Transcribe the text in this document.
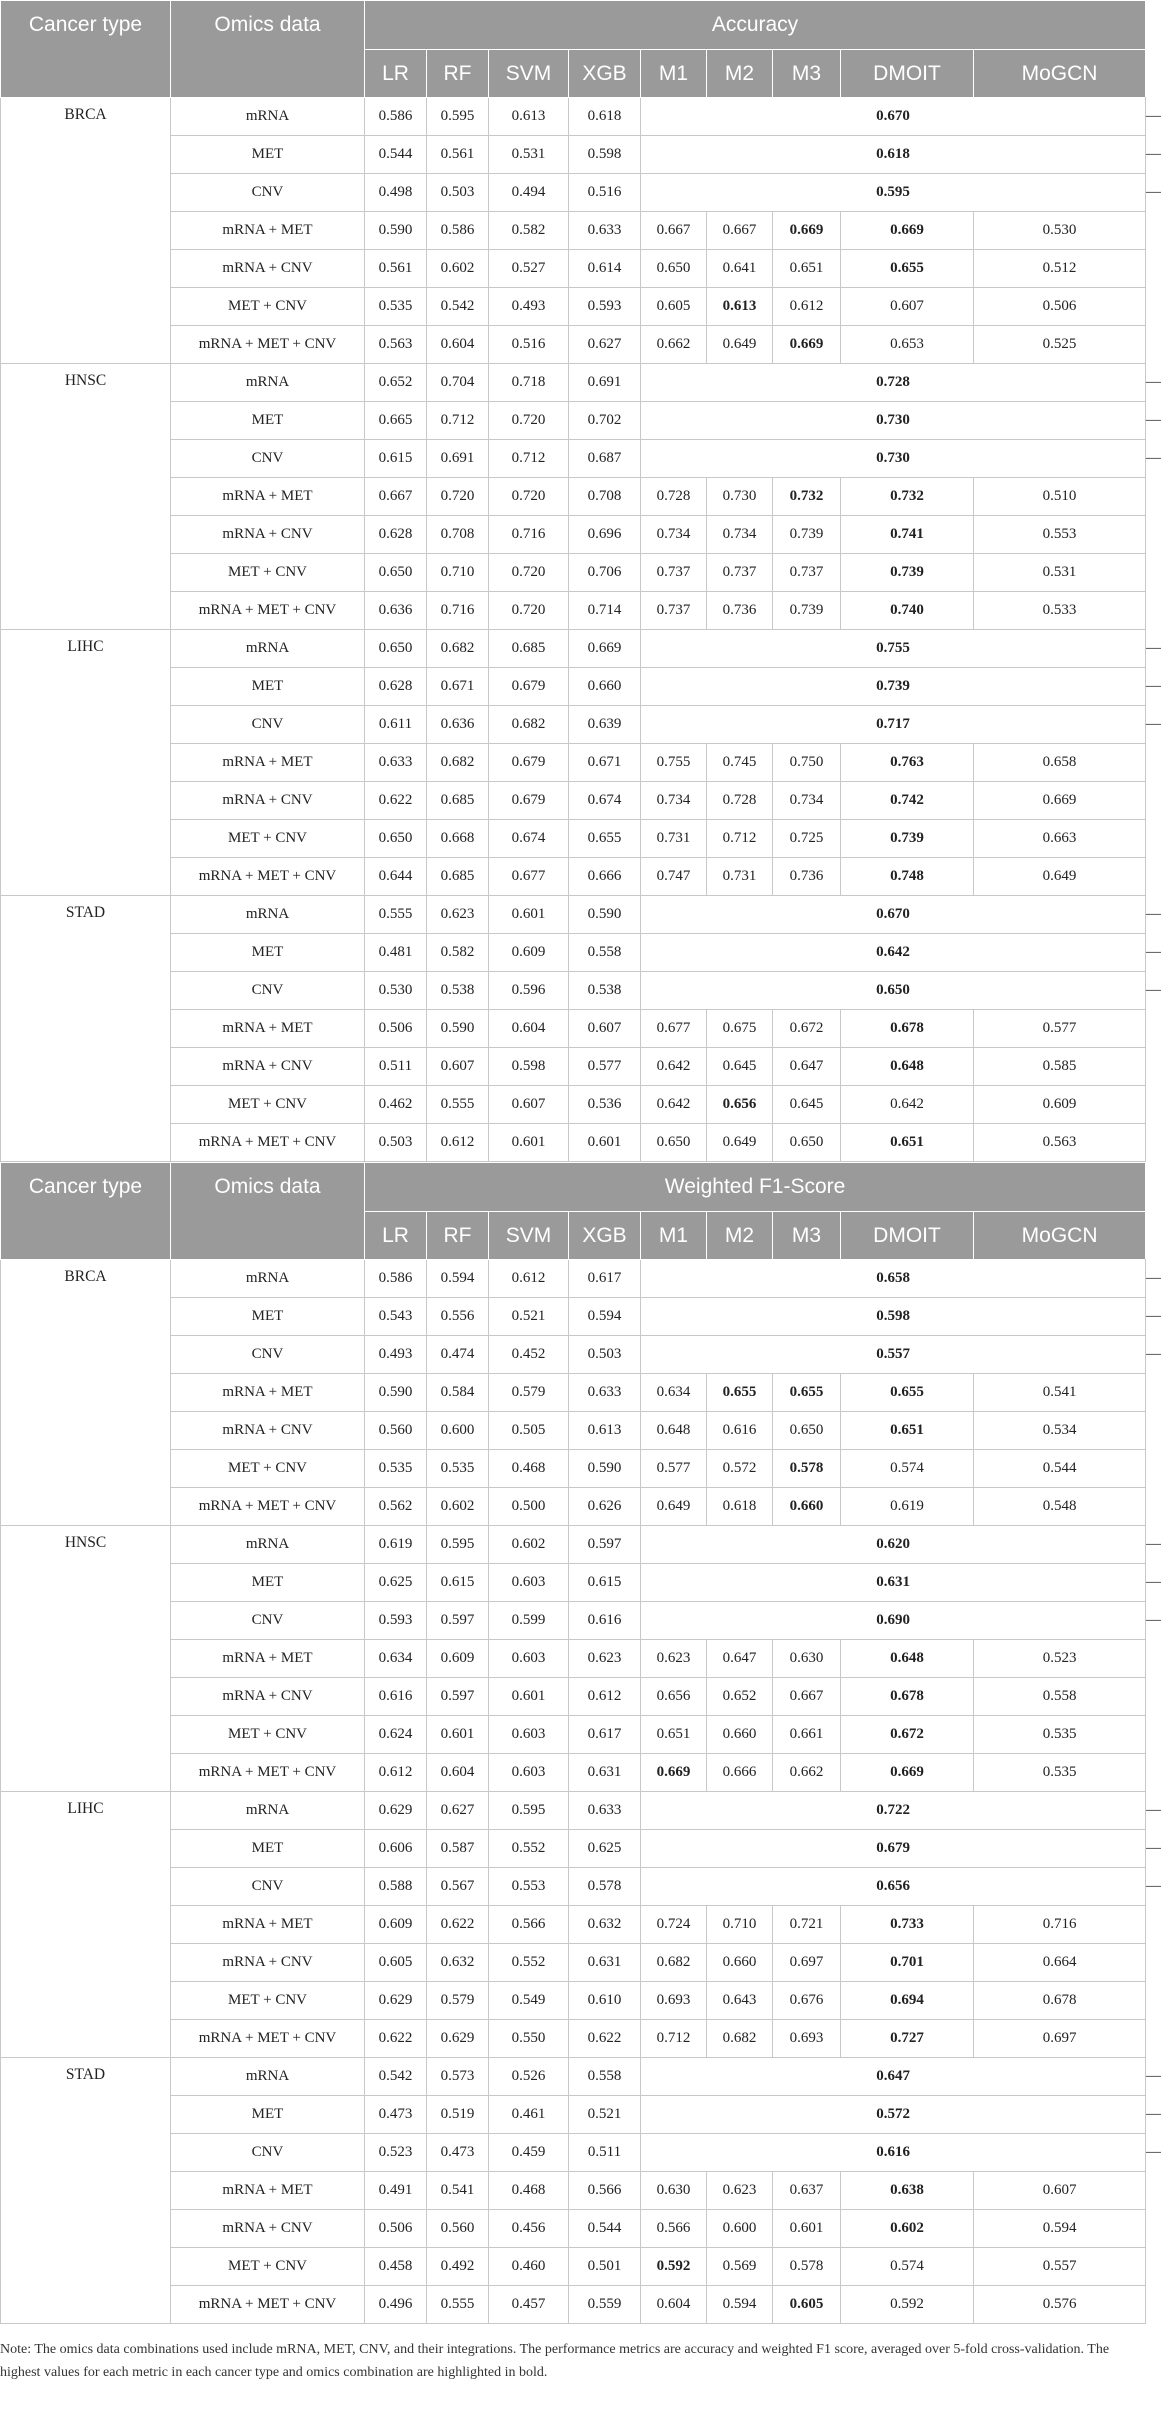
Cancer type	Omics data	Accuracy									
		LR	RF	SVM	XGB	M1	M2	M3	DMOIT	MoGCN	
BRCA	mRNA	0.586	0.595	0.613	0.618	0.670					—
	MET	0.544	0.561	0.531	0.598	0.618					—
	CNV	0.498	0.503	0.494	0.516	0.595					—
	mRNA + MET	0.590	0.586	0.582	0.633	0.667	0.667	0.669	0.669	0.530	
	mRNA + CNV	0.561	0.602	0.527	0.614	0.650	0.641	0.651	0.655	0.512	
	MET + CNV	0.535	0.542	0.493	0.593	0.605	0.613	0.612	0.607	0.506	
	mRNA + MET + CNV	0.563	0.604	0.516	0.627	0.662	0.649	0.669	0.653	0.525	
HNSC	mRNA	0.652	0.704	0.718	0.691	0.728					—
	MET	0.665	0.712	0.720	0.702	0.730					—
	CNV	0.615	0.691	0.712	0.687	0.730					—
	mRNA + MET	0.667	0.720	0.720	0.708	0.728	0.730	0.732	0.732	0.510	
	mRNA + CNV	0.628	0.708	0.716	0.696	0.734	0.734	0.739	0.741	0.553	
	MET + CNV	0.650	0.710	0.720	0.706	0.737	0.737	0.737	0.739	0.531	
	mRNA + MET + CNV	0.636	0.716	0.720	0.714	0.737	0.736	0.739	0.740	0.533	
LIHC	mRNA	0.650	0.682	0.685	0.669	0.755					—
	MET	0.628	0.671	0.679	0.660	0.739					—
	CNV	0.611	0.636	0.682	0.639	0.717					—
	mRNA + MET	0.633	0.682	0.679	0.671	0.755	0.745	0.750	0.763	0.658	
	mRNA + CNV	0.622	0.685	0.679	0.674	0.734	0.728	0.734	0.742	0.669	
	MET + CNV	0.650	0.668	0.674	0.655	0.731	0.712	0.725	0.739	0.663	
	mRNA + MET + CNV	0.644	0.685	0.677	0.666	0.747	0.731	0.736	0.748	0.649	
STAD	mRNA	0.555	0.623	0.601	0.590	0.670					—
	MET	0.481	0.582	0.609	0.558	0.642					—
	CNV	0.530	0.538	0.596	0.538	0.650					—
	mRNA + MET	0.506	0.590	0.604	0.607	0.677	0.675	0.672	0.678	0.577	
	mRNA + CNV	0.511	0.607	0.598	0.577	0.642	0.645	0.647	0.648	0.585	
	MET + CNV	0.462	0.555	0.607	0.536	0.642	0.656	0.645	0.642	0.609	
	mRNA + MET + CNV	0.503	0.612	0.601	0.601	0.650	0.649	0.650	0.651	0.563	
Cancer type	Omics data	Weighted F1-Score									
		LR	RF	SVM	XGB	M1	M2	M3	DMOIT	MoGCN	
BRCA	mRNA	0.586	0.594	0.612	0.617	0.658					—
	MET	0.543	0.556	0.521	0.594	0.598					—
	CNV	0.493	0.474	0.452	0.503	0.557					—
	mRNA + MET	0.590	0.584	0.579	0.633	0.634	0.655	0.655	0.655	0.541	
	mRNA + CNV	0.560	0.600	0.505	0.613	0.648	0.616	0.650	0.651	0.534	
	MET + CNV	0.535	0.535	0.468	0.590	0.577	0.572	0.578	0.574	0.544	
	mRNA + MET + CNV	0.562	0.602	0.500	0.626	0.649	0.618	0.660	0.619	0.548	
HNSC	mRNA	0.619	0.595	0.602	0.597	0.620					—
	MET	0.625	0.615	0.603	0.615	0.631					—
	CNV	0.593	0.597	0.599	0.616	0.690					—
	mRNA + MET	0.634	0.609	0.603	0.623	0.623	0.647	0.630	0.648	0.523	
	mRNA + CNV	0.616	0.597	0.601	0.612	0.656	0.652	0.667	0.678	0.558	
	MET + CNV	0.624	0.601	0.603	0.617	0.651	0.660	0.661	0.672	0.535	
	mRNA + MET + CNV	0.612	0.604	0.603	0.631	0.669	0.666	0.662	0.669	0.535	
LIHC	mRNA	0.629	0.627	0.595	0.633	0.722					—
	MET	0.606	0.587	0.552	0.625	0.679					—
	CNV	0.588	0.567	0.553	0.578	0.656					—
	mRNA + MET	0.609	0.622	0.566	0.632	0.724	0.710	0.721	0.733	0.716	
	mRNA + CNV	0.605	0.632	0.552	0.631	0.682	0.660	0.697	0.701	0.664	
	MET + CNV	0.629	0.579	0.549	0.610	0.693	0.643	0.676	0.694	0.678	
	mRNA + MET + CNV	0.622	0.629	0.550	0.622	0.712	0.682	0.693	0.727	0.697	
STAD	mRNA	0.542	0.573	0.526	0.558	0.647					—
	MET	0.473	0.519	0.461	0.521	0.572					—
	CNV	0.523	0.473	0.459	0.511	0.616					—
	mRNA + MET	0.491	0.541	0.468	0.566	0.630	0.623	0.637	0.638	0.607	
	mRNA + CNV	0.506	0.560	0.456	0.544	0.566	0.600	0.601	0.602	0.594	
	MET + CNV	0.458	0.492	0.460	0.501	0.592	0.569	0.578	0.574	0.557	
	mRNA + MET + CNV	0.496	0.555	0.457	0.559	0.604	0.594	0.605	0.592	0.576	
Note: The omics data combinations used include mRNA, MET, CNV, and their integrations. The performance metrics are accuracy and weighted F1 score, averaged over 5-fold cross-validation. The highest values for each metric in each cancer type and omics combination are highlighted in bold.
